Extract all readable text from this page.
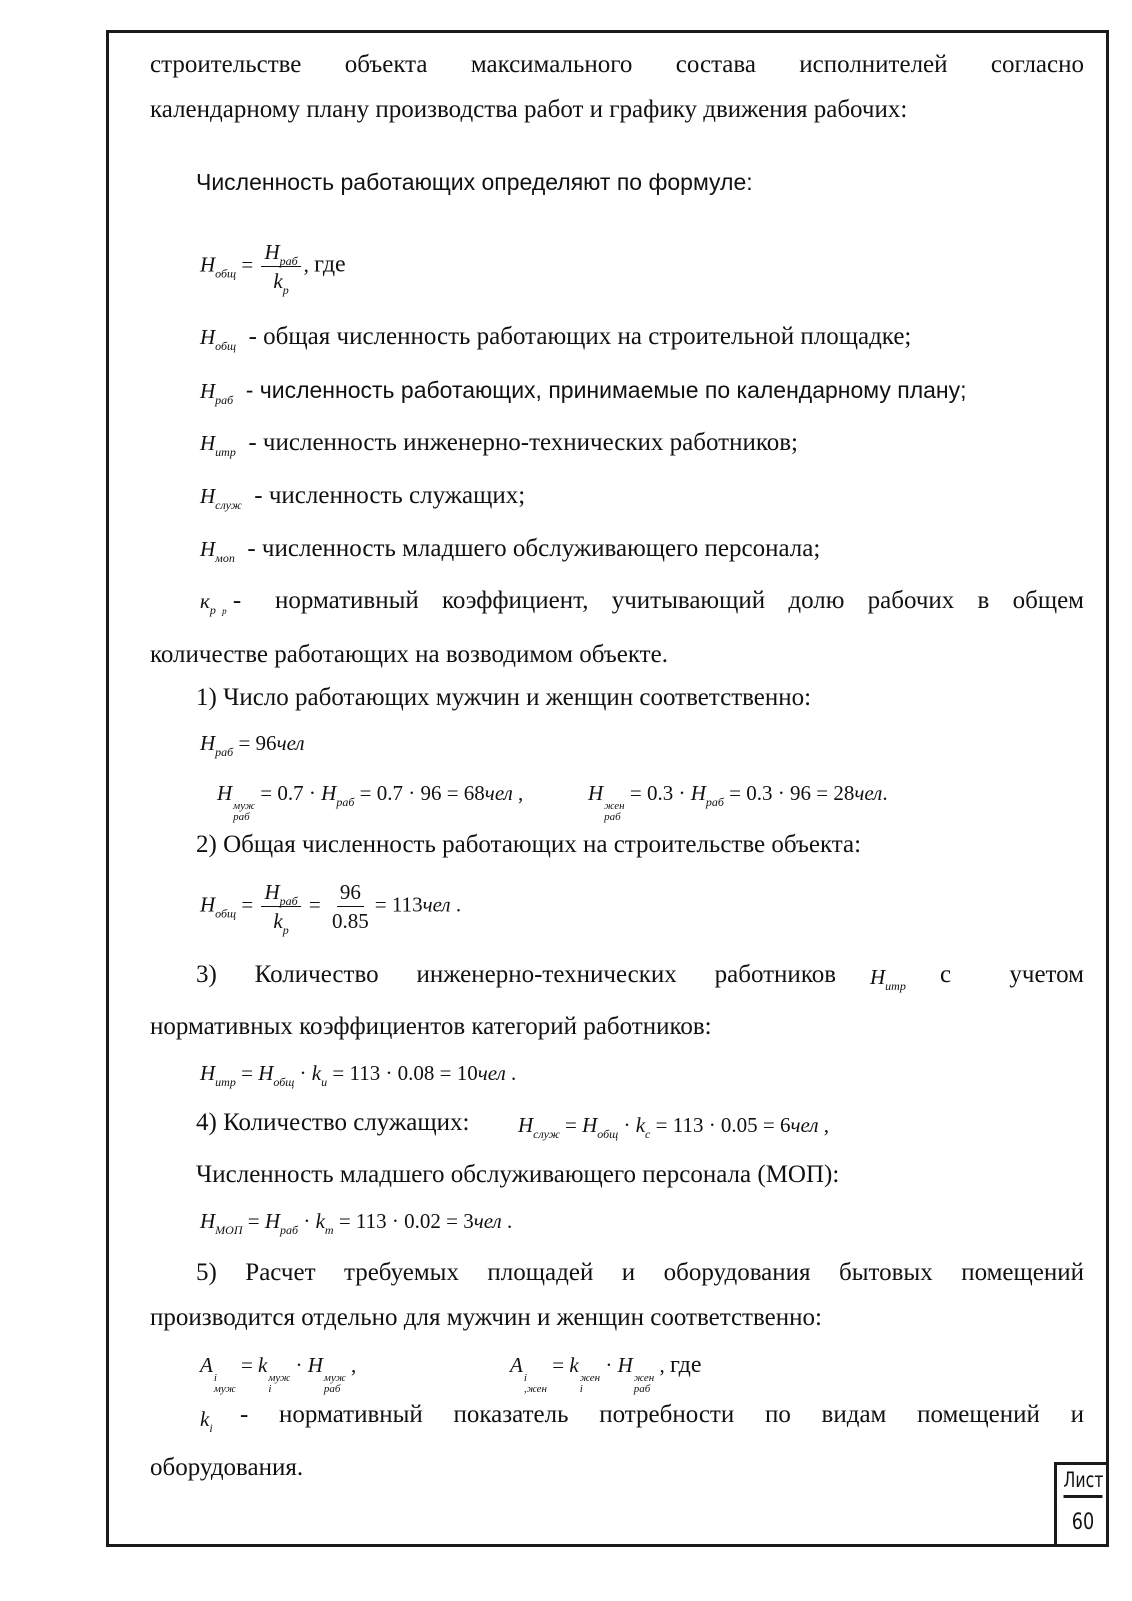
строительстве объекта максимального состава исполнителей согласно
календарному плану производства работ и графику движения рабочих:
Численность работающих определяют по формуле:
$Н_{общ} = \frac{Н_{раб}}{k_р}$ , где
$Н_{общ}$ - общая численность работающих на строительной площадке;
$Н_{раб}$ - численность работающих, принимаемые по календарному плану;
$Н_{итр}$ - численность инженерно-технических работников;
$Н_{служ}$ - численность служащих;
$Н_{моп}$ - численность младшего обслуживающего персонала;
$к_р$ $_р$ - нормативный коэффициент, учитывающий долю рабочих в общем
количестве работающих на возводимом объекте.
1) Число работающих мужчин и женщин соответственно:
$Н_{раб} = 96чел$
Н
муж
раб
= $0.7 \cdot Н_{раб} = 0.7 \cdot 96 = 68чел$ ,	Н
жен
раб
= $0.3 \cdot Н_{раб} = 0.3 \cdot 96 = 28чел$.
2) Общая численность работающих на строительстве объекта:
$Н_{общ} = \frac{Н_{раб}}{k_р} = \frac{96}{0.85} = 113чел$ .
3) Количество инженерно-технических работников $Н_{итр}$ с учетом
нормативных коэффициентов категорий работников:
$Н_{итр} = Н_{общ} \cdot k_и = 113 \cdot 0.08 = 10чел$ .
4) Количество служащих: $Н_{служ} = Н_{общ} \cdot k_с = 113 \cdot 0.05 = 6чел$ ,
Численность младшего обслуживающего персонала (МОП):
$Н_{МОП} = Н_{раб} \cdot k_т = 113 \cdot 0.02 = 3чел$ .
5) Расчет требуемых площадей и оборудования бытовых помещений
производится отдельно для мужчин и женщин соответственно:
А
i
муж
= k
муж
i
· Н
муж
раб
,	А
i
,жен
= k
жен
i
· Н
жен
раб
, где
$k_i$ - нормативный показатель потребности по видам помещений и
оборудования.	Лист
60
